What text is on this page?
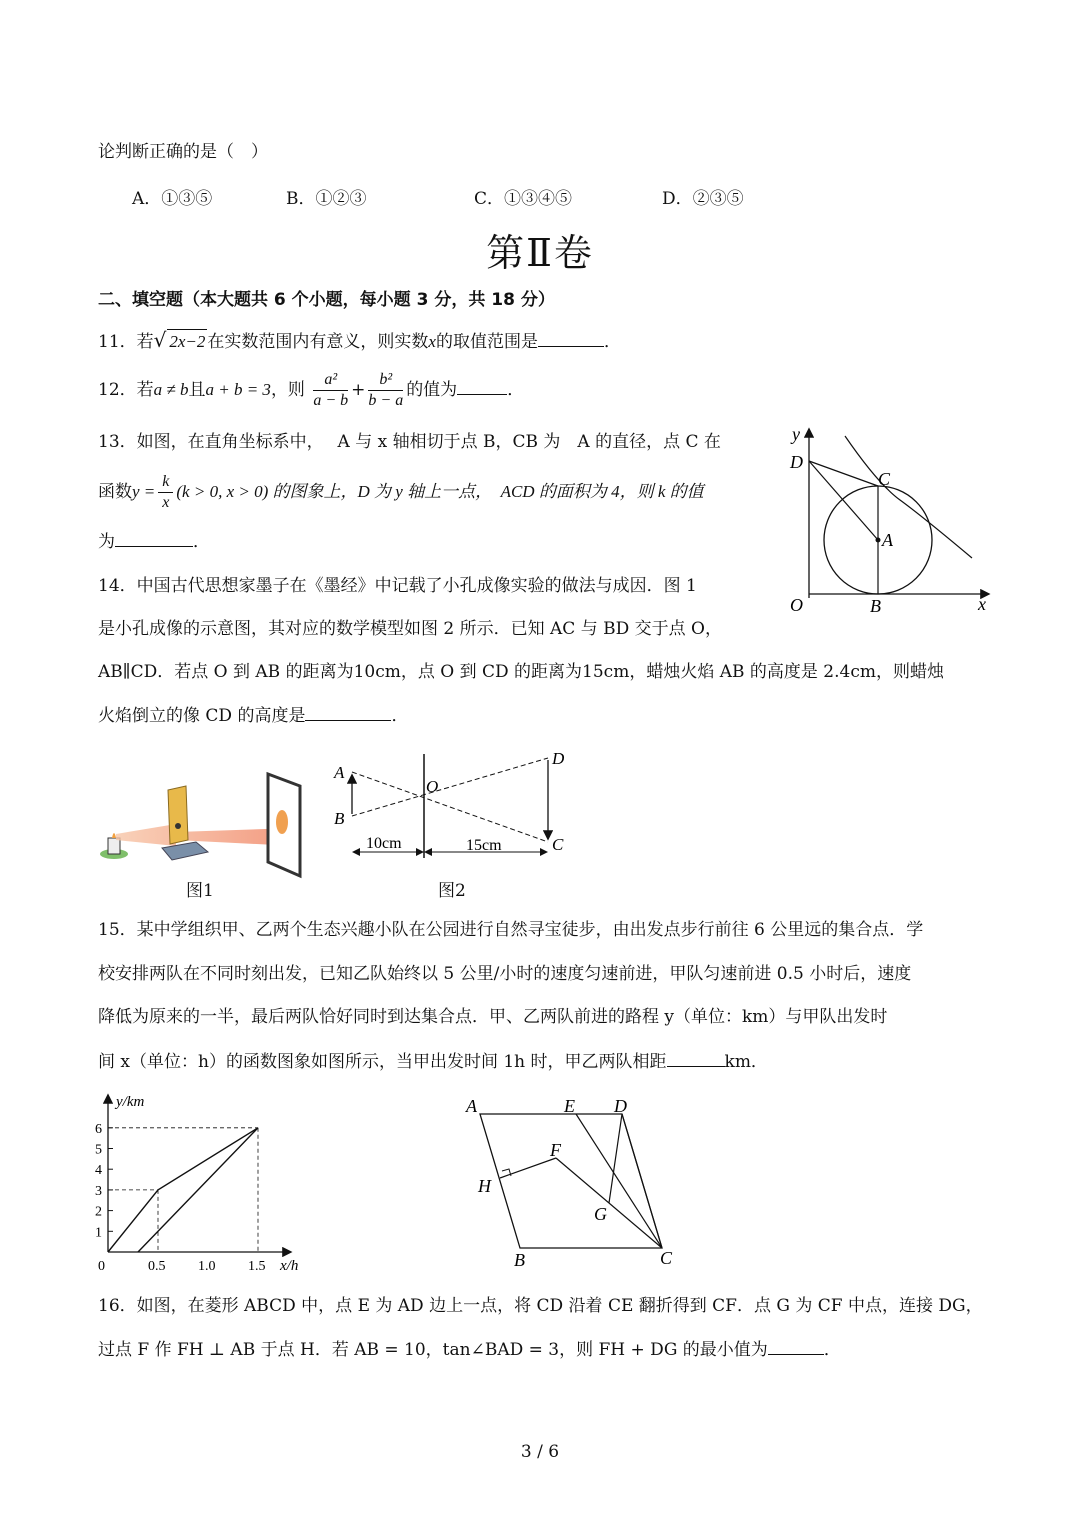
论判断正确的是（　）
A．①③⑤	B．①②③	C．①③④⑤	D．②③⑤
第Ⅱ卷
二、填空题（本大题共 6 个小题，每小题 3 分，共 18 分）
11．若√ 2x−2 在实数范围内有意义，则实数x的取值范围是	．
12．若a ≠ b且a + b = 3，则 $\frac{\text{a²}}{a - b} + \frac{\text{b²}}{b - a}$ 的值为	．
13．如图，在直角坐标系中，　 A 与 x 轴相切于点 B，CB 为　A 的直径，点 C 在
函数$y = \frac{k}{x} (k > 0$, x > 0) 的图象上，D 为 y 轴上一点，　ACD 的面积为 4，则 k 的值
为	．
y
x
O	B
A
C
D
14．中国古代思想家墨子在《墨经》中记载了小孔成像实验的做法与成因．图 1
是小孔成像的示意图，其对应的数学模型如图 2 所示．已知 AC 与 BD 交于点 O，
AB∥CD．若点 O 到 AB 的距离为10cm，点 O 到 CD 的距离为15cm，蜡烛火焰 AB 的高度是 2.4cm，则蜡烛
火焰倒立的像 CD 的高度是	．
图1
A
B
O
C
D
10cm	15cm
图2
15．某中学组织甲、乙两个生态兴趣小队在公园进行自然寻宝徒步，由出发点步行前往 6 公里远的集合点．学
校安排两队在不同时刻出发，已知乙队始终以 5 公里/小时的速度匀速前进，甲队匀速前进 0.5 小时后，速度
降低为原来的一半，最后两队恰好同时到达集合点．甲、乙两队前进的路程 y（单位：km）与甲队出发时
间 x（单位：h）的函数图象如图所示，当甲出发时间 1h 时，甲乙两队相距	km．
y/km
x/h
1
2
3
4
5
6
0	0.5 1.0 1.5
A	E D
F
H
G
B	C
16．如图，在菱形 ABCD 中，点 E 为 AD 边上一点，将 CD 沿着 CE 翻折得到 CF．点 G 为 CF 中点，连接 DG，
过点 F 作 FH ⊥ AB 于点 H．若 AB = 10，tan∠BAD = 3，则 FH + DG 的最小值为	．
3 / 6
